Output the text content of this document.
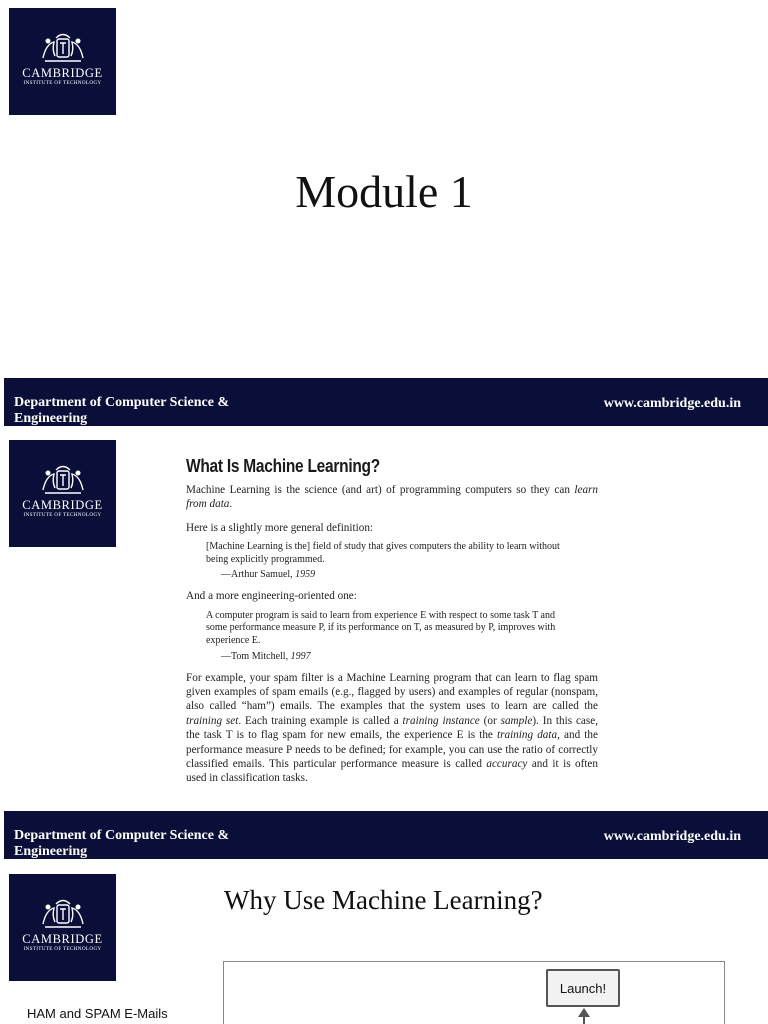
CAMBRIDGE
INSTITUTE OF TECHNOLOGY
Module 1
Department of Computer Science & Engineering
www.cambridge.edu.in
CAMBRIDGE
INSTITUTE OF TECHNOLOGY
What Is Machine Learning?

Machine Learning is the science (and art) of programming computers so they can learn from data.

Here is a slightly more general definition:

[Machine Learning is the] field of study that gives computers the ability to learn without being explicitly programmed.
—Arthur Samuel, 1959

And a more engineering-oriented one:

A computer program is said to learn from experience E with respect to some task T and some performance measure P, if its performance on T, as measured by P, improves with experience E.
—Tom Mitchell, 1997

For example, your spam filter is a Machine Learning program that can learn to flag spam given examples of spam emails (e.g., flagged by users) and examples of regular (nonspam, also called “ham”) emails. The examples that the system uses to learn are called the training set. Each training example is called a training instance (or sample). In this case, the task T is to flag spam for new emails, the experience E is the training data, and the performance measure P needs to be defined; for example, you can use the ratio of correctly classified emails. This particular performance measure is called accuracy and it is often used in classification tasks.

Department of Computer Science & Engineering
www.cambridge.edu.in
CAMBRIDGE
INSTITUTE OF TECHNOLOGY
Why Use Machine Learning?
HAM and SPAM E-Mails
Launch!
